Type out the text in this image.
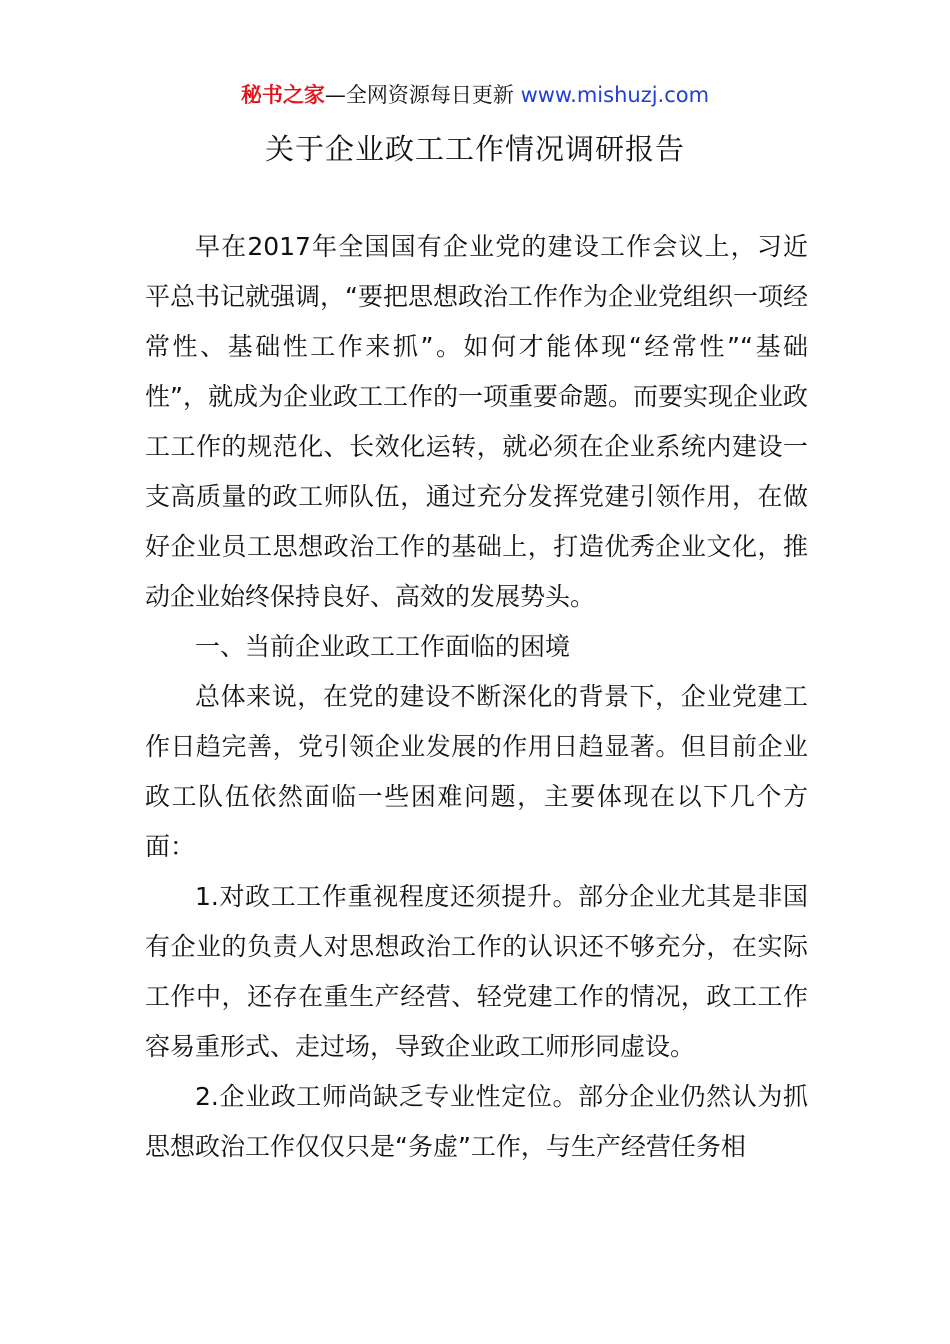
秘书之家—全网资源每日更新 www.mishuzj.com
关于企业政工工作情况调研报告

早在2017年全国国有企业党的建设工作会议上，习近平总书记就强调，“要把思想政治工作作为企业党组织一项经常性、基础性工作来抓”。如何才能体现“经常性”“基础性”，就成为企业政工工作的一项重要命题。而要实现企业政工工作的规范化、长效化运转，就必须在企业系统内建设一支高质量的政工师队伍，通过充分发挥党建引领作用，在做好企业员工思想政治工作的基础上，打造优秀企业文化，推动企业始终保持良好、高效的发展势头。

一、当前企业政工工作面临的困境

总体来说，在党的建设不断深化的背景下，企业党建工作日趋完善，党引领企业发展的作用日趋显著。但目前企业政工队伍依然面临一些困难问题，主要体现在以下几个方面：

1.对政工工作重视程度还须提升。部分企业尤其是非国有企业的负责人对思想政治工作的认识还不够充分，在实际工作中，还存在重生产经营、轻党建工作的情况，政工工作容易重形式、走过场，导致企业政工师形同虚设。

2.企业政工师尚缺乏专业性定位。部分企业仍然认为抓思想政治工作仅仅只是“务虚”工作，与生产经营任务相
